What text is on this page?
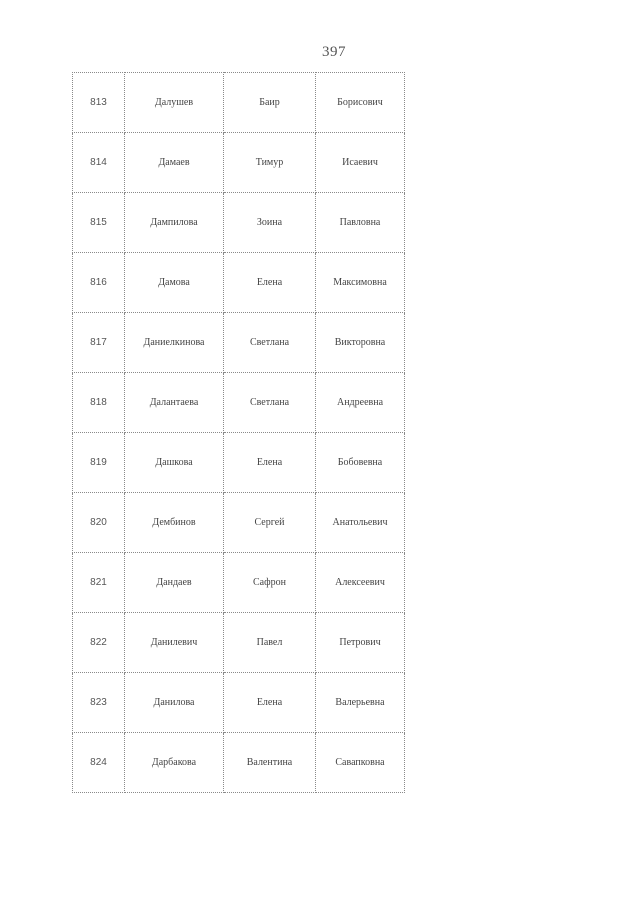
397
813	Далушев	Баир	Борисович
814	Дамаев	Тимур	Исаевич
815	Дампилова	Зоина	Павловна
816	Дамова	Елена	Максимовна
817	Даниелкинова	Светлана	Викторовна
818	Далантаева	Светлана	Андреевна
819	Дашкова	Елена	Бобовевна
820	Дембинов	Сергей	Анатольевич
821	Дандаев	Сафрон	Алексеевич
822	Данилевич	Павел	Петрович
823	Данилова	Елена	Валерьевна
824	Дарбакова	Валентина	Савапковна
